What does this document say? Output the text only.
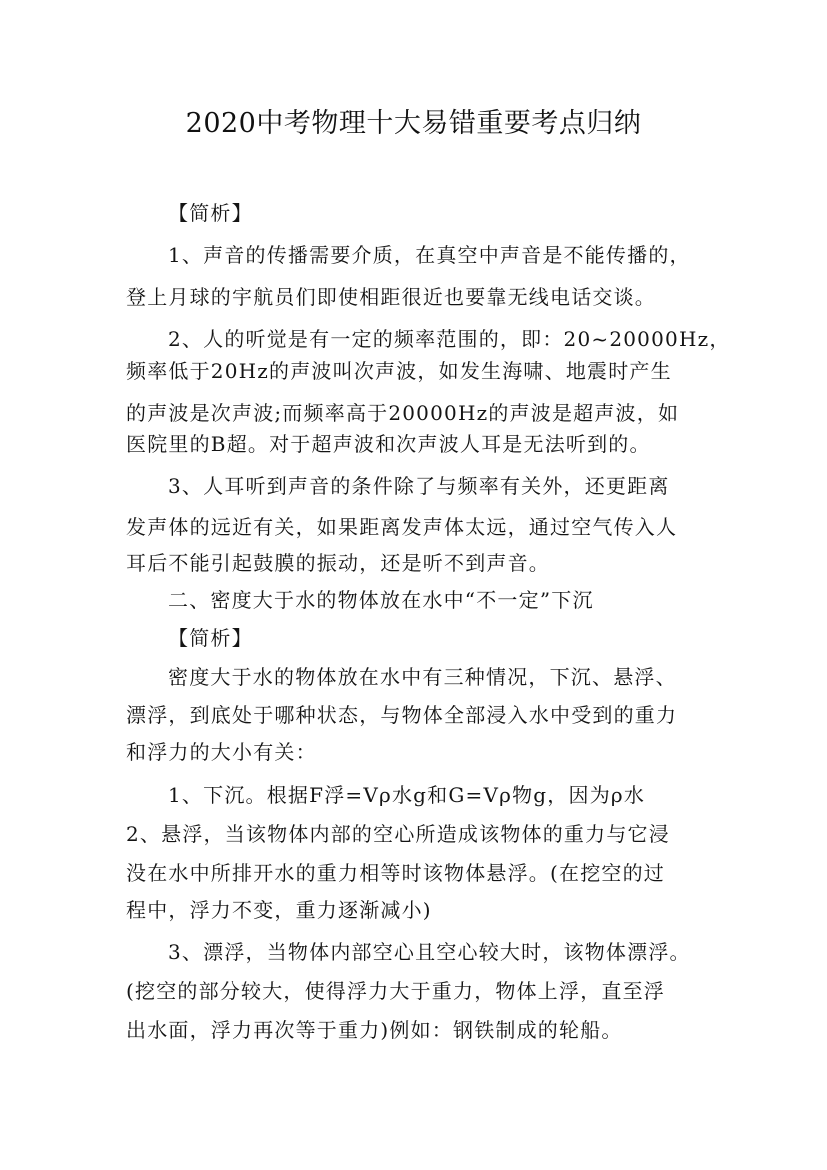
2020中考物理十大易错重要考点归纳
【简析】
1、声音的传播需要介质，在真空中声音是不能传播的，
登上月球的宇航员们即使相距很近也要靠无线电话交谈。
2、人的听觉是有一定的频率范围的，即：20~20000Hz，
频率低于20Hz的声波叫次声波，如发生海啸、地震时产生
的声波是次声波;而频率高于20000Hz的声波是超声波，如
医院里的B超。对于超声波和次声波人耳是无法听到的。
3、人耳听到声音的条件除了与频率有关外，还更距离
发声体的远近有关，如果距离发声体太远，通过空气传入人
耳后不能引起鼓膜的振动，还是听不到声音。
二、密度大于水的物体放在水中“不一定”下沉
【简析】
密度大于水的物体放在水中有三种情况，下沉、悬浮、
漂浮，到底处于哪种状态，与物体全部浸入水中受到的重力
和浮力的大小有关：
1、下沉。根据F浮=Vρ水g和G=Vρ物g，因为ρ水
2、悬浮，当该物体内部的空心所造成该物体的重力与它浸
没在水中所排开水的重力相等时该物体悬浮。(在挖空的过
程中，浮力不变，重力逐渐减小)
3、漂浮，当物体内部空心且空心较大时，该物体漂浮。
(挖空的部分较大，使得浮力大于重力，物体上浮，直至浮
出水面，浮力再次等于重力)例如：钢铁制成的轮船。
